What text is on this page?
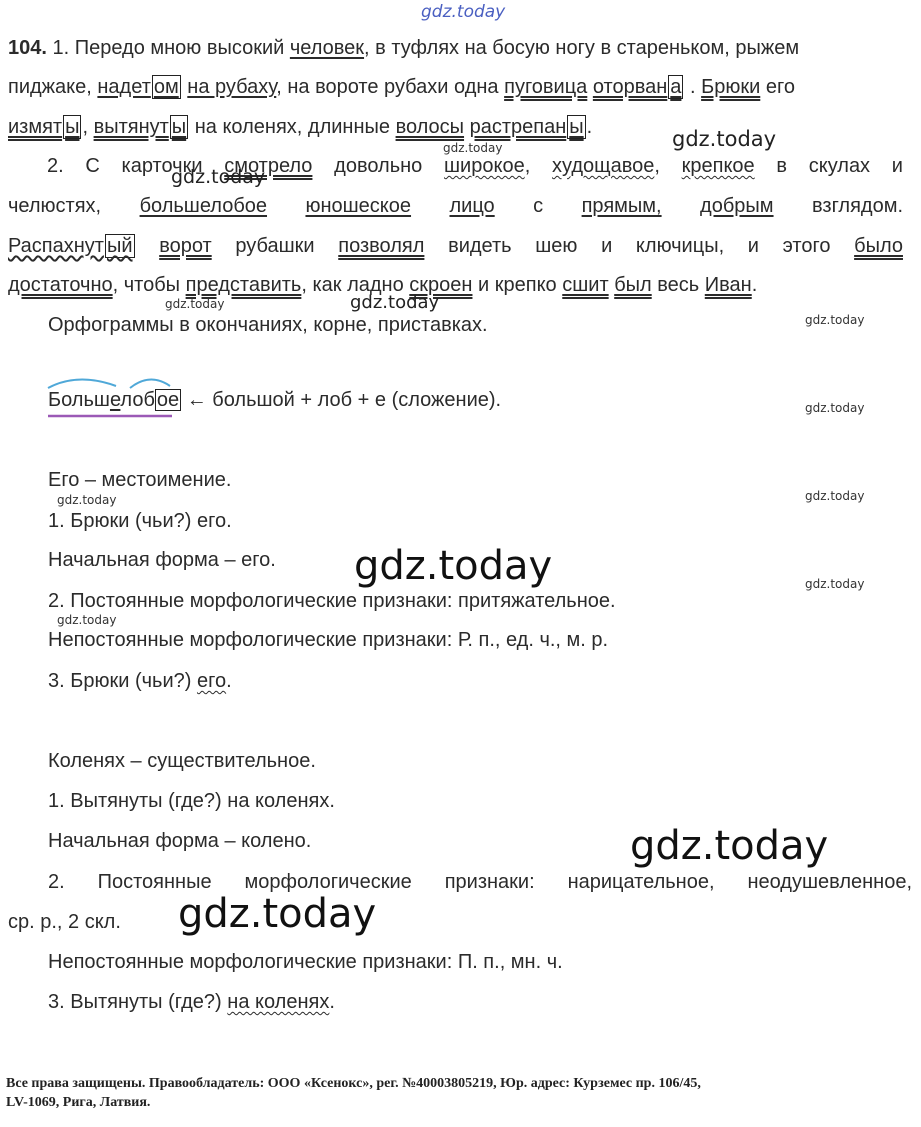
gdz.today
104. 1. Передо мною высокий человек, в туфлях на босую ногу в стареньком, рыжем
пиджаке, надет ом на рубаху, на вороте рубахи одна пуговица оторван а . Брюки его
измят ы , вытянут ы на коленях, длинные волосы растрепан ы .	gdz.today
gdz.today
2. С карточки смотрело довольно широкое, худощавое, крепкое в скулах и
gdz.today
челюстях, большелобое юношеское лицо с прямым, добрым взглядом.
Распахнут ый ворот рубашки позволял видеть шею и ключицы, и этого было
достаточно, чтобы представить, как ладно скроен и крепко сшит был весь Иван.
gdz.today	gdz.today
Орфограммы в окончаниях, корне, приставках.	gdz.today
Большелоб ое ← большой + лоб + е (сложение).	gdz.today
Его – местоимение.
gdz.today	gdz.today
1. Брюки (чьи?) его.
Начальная форма – его. gdz.today	gdz.today
2. Постоянные морфологические признаки: притяжательное.
gdz.today
Непостоянные морфологические признаки: Р. п., ед. ч., м. р.
3. Брюки (чьи?) его.
Коленях – существительное.
1. Вытянуты (где?) на коленях.
Начальная форма – колено.	gdz.today
2. Постоянные морфологические признаки: нарицательное, неодушевленное,
ср. р., 2 скл. gdz.today
Непостоянные морфологические признаки: П. п., мн. ч.
3. Вытянуты (где?) на коленях.
Все права защищены. Правообладатель: ООО «Ксенокс», рег. №40003805219, Юр. адрес: Курземес пр. 106/45,
LV-1069, Рига, Латвия.
